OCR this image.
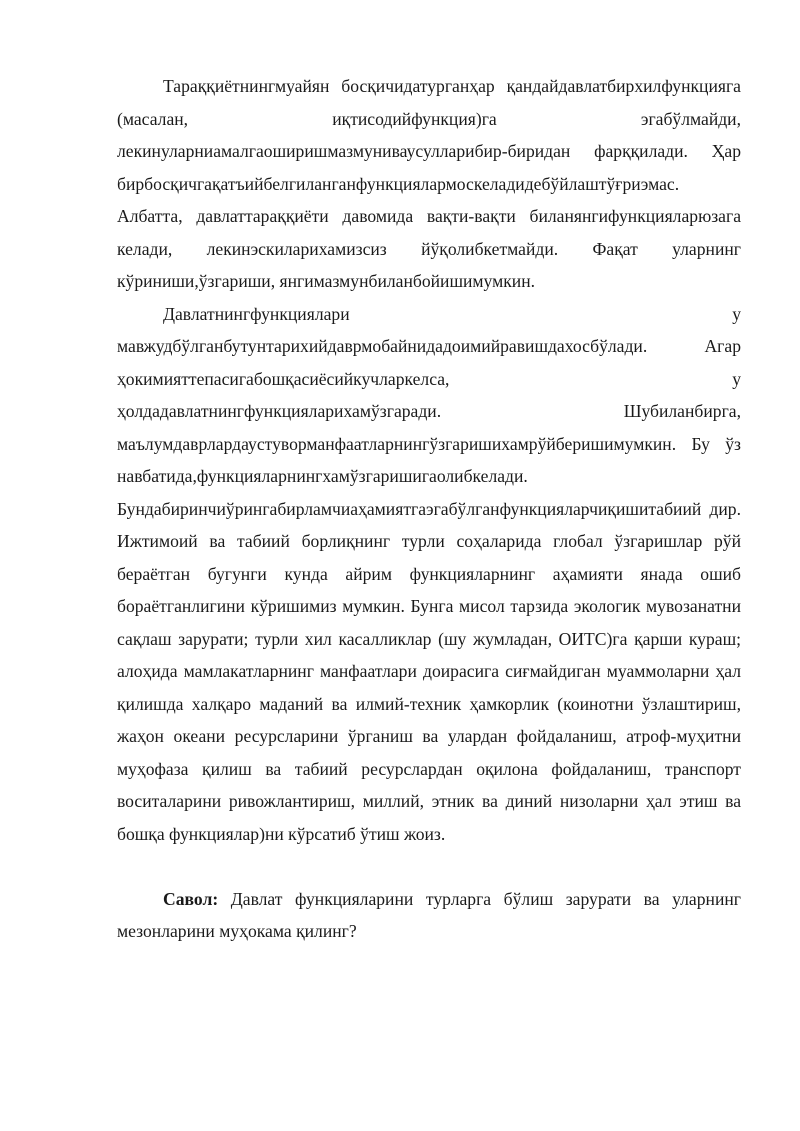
Тараққиётнингмуайян босқичидатурганҳар қандайдавлатбирхилфункцияга (масалан, иқтисодийфункция)га эгабўлмайди, лекинуларниамалгаоширишмазмуниваусулларибир-биридан фарққилади. Ҳар бирбосқичгақатъийбелгиланганфункциялармоскеладидебўйлаштўғриэмас. Албатта, давлаттараққиёти давомида вақти-вақти биланянгифункцияларюзага келади, лекинэскиларихамизсиз йўқолибкетмайди. Фақат уларнинг кўриниши,ўзгариши, янгимазмунбиланбойишимумкин.

Давлатнингфункциялари у мавжудбўлганбутунтарихийдаврмобайнидадоимийравишдахосбўлади. Агар ҳокимияттепасигабошқасиёсийкучларкелса, у ҳолдадавлатнингфункцияларихамўзгаради. Шубиланбирга, маълумдаврлардаустуворманфаатларнингўзгаришихамрўйберишимумкин. Бу ўз навбатида,функцияларнингхамўзгаришигаолибкелади. Бундабиринчиўрингабирламчиаҳамиятгаэгабўлганфункцияларчиқишитабиий дир. Ижтимоий ва табиий борлиқнинг турли соҳаларида глобал ўзгаришлар рўй бераётган бугунги кунда айрим функцияларнинг аҳамияти янада ошиб бораётганлигини кўришимиз мумкин. Бунга мисол тарзида экологик мувозанатни сақлаш зарурати; турли хил касалликлар (шу жумладан, ОИТС)га қарши кураш; алоҳида мамлакатларнинг манфаатлари доирасига сиғмайдиган муаммоларни ҳал қилишда халқаро маданий ва илмий-техник ҳамкорлик (коинотни ўзлаштириш, жаҳон океани ресурсларини ўрганиш ва улардан фойдаланиш, атроф-муҳитни муҳофаза қилиш ва табиий ресурслардан оқилона фойдаланиш, транспорт воситаларини ривожлантириш, миллий, этник ва диний низоларни ҳал этиш ва бошқа функциялар)ни кўрсатиб ўтиш жоиз.

Савол: Давлат функцияларини турларга бўлиш зарурати ва уларнинг мезонларини муҳокама қилинг?
